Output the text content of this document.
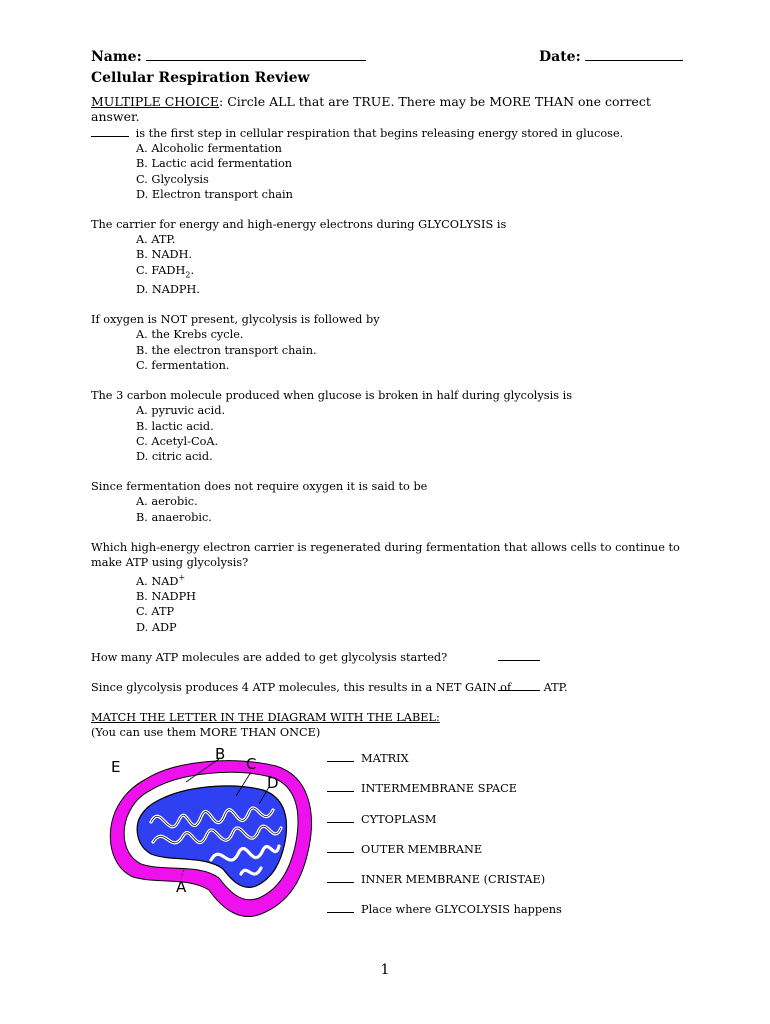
Name:	Date:
Cellular Respiration Review
MULTIPLE CHOICE: Circle ALL that are TRUE. There may be MORE THAN one correct answer.
is the first step in cellular respiration that begins releasing energy stored in glucose.
A. Alcoholic fermentation
B. Lactic acid fermentation
C. Glycolysis
D. Electron transport chain
The carrier for energy and high-energy electrons during GLYCOLYSIS is
A. ATP.
B. NADH.
C. $FADH_2$.
D. NADPH.
If oxygen is NOT present, glycolysis is followed by
A. the Krebs cycle.
B. the electron transport chain.
C. fermentation.
The 3 carbon molecule produced when glucose is broken in half during glycolysis is
A. pyruvic acid.
B. lactic acid.
C. Acetyl-CoA.
D. citric acid.
Since fermentation does not require oxygen it is said to be
A. aerobic.
B. anaerobic.
Which high-energy electron carrier is regenerated during fermentation that allows cells to continue to make ATP using glycolysis?
A. NAD+
B. NADPH
C. ATP
D. ADP
How many ATP molecules are added to get glycolysis started?
Since glycolysis produces 4 ATP molecules, this results in a NET GAIN of	ATP.
MATCH THE LETTER IN THE DIAGRAM WITH THE LABEL:
(You can use them MORE THAN ONCE)
E
B
C
D
A
MATRIX
INTERMEMBRANE SPACE
CYTOPLASM
OUTER MEMBRANE
INNER MEMBRANE (CRISTAE)
Place where GLYCOLYSIS happens
1
